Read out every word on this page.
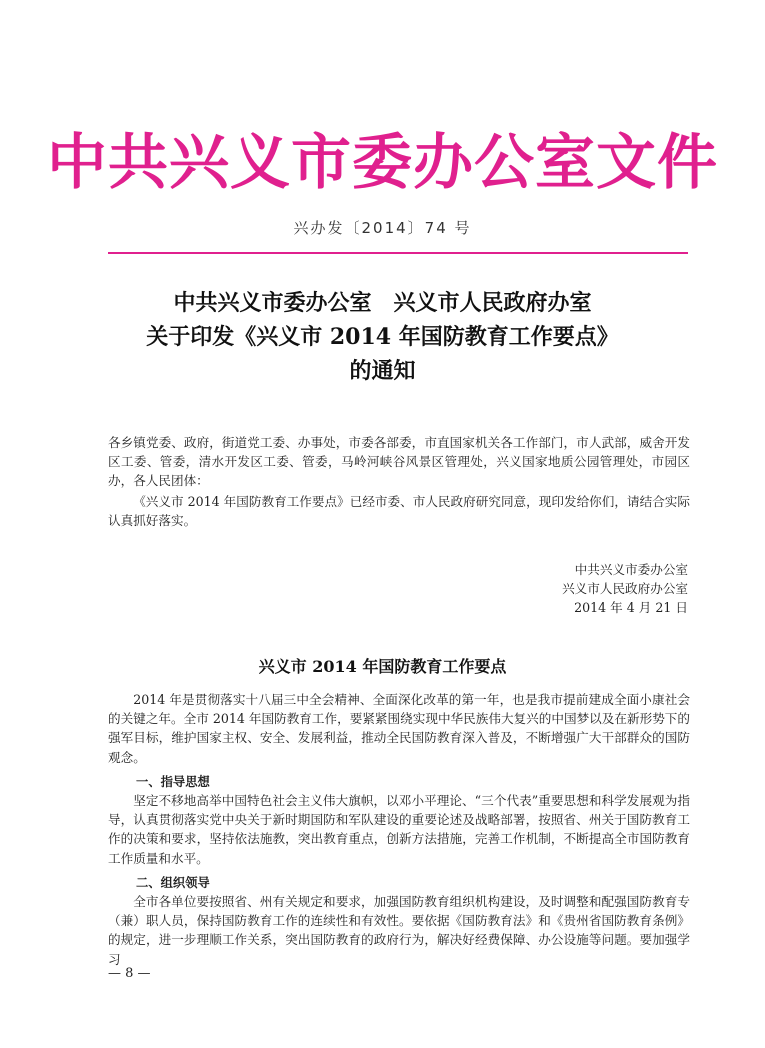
中共兴义市委办公室文件
兴办发〔2014〕74 号
中共兴义市委办公室　兴义市人民政府办室
关于印发《兴义市 2014 年国防教育工作要点》
的通知
各乡镇党委、政府，街道党工委、办事处，市委各部委，市直国家机关各工作部门，市人武部，威舍开发区工委、管委，清水开发区工委、管委，马岭河峡谷风景区管理处，兴义国家地质公园管理处，市园区办，各人民团体：
《兴义市 2014 年国防教育工作要点》已经市委、市人民政府研究同意，现印发给你们，请结合实际认真抓好落实。
中共兴义市委办公室
兴义市人民政府办公室
2014 年 4 月 21 日
兴义市 2014 年国防教育工作要点
2014 年是贯彻落实十八届三中全会精神、全面深化改革的第一年，也是我市提前建成全面小康社会的关键之年。全市 2014 年国防教育工作，要紧紧围绕实现中华民族伟大复兴的中国梦以及在新形势下的强军目标，维护国家主权、安全、发展利益，推动全民国防教育深入普及，不断增强广大干部群众的国防观念。
一、指导思想
坚定不移地高举中国特色社会主义伟大旗帜，以邓小平理论、“三个代表”重要思想和科学发展观为指导，认真贯彻落实党中央关于新时期国防和军队建设的重要论述及战略部署，按照省、州关于国防教育工作的决策和要求，坚持依法施教，突出教育重点，创新方法措施，完善工作机制，不断提高全市国防教育工作质量和水平。
二、组织领导
全市各单位要按照省、州有关规定和要求，加强国防教育组织机构建设，及时调整和配强国防教育专（兼）职人员，保持国防教育工作的连续性和有效性。要依据《国防教育法》和《贵州省国防教育条例》的规定，进一步理顺工作关系，突出国防教育的政府行为，解决好经费保障、办公设施等问题。要加强学习
— 8 —
